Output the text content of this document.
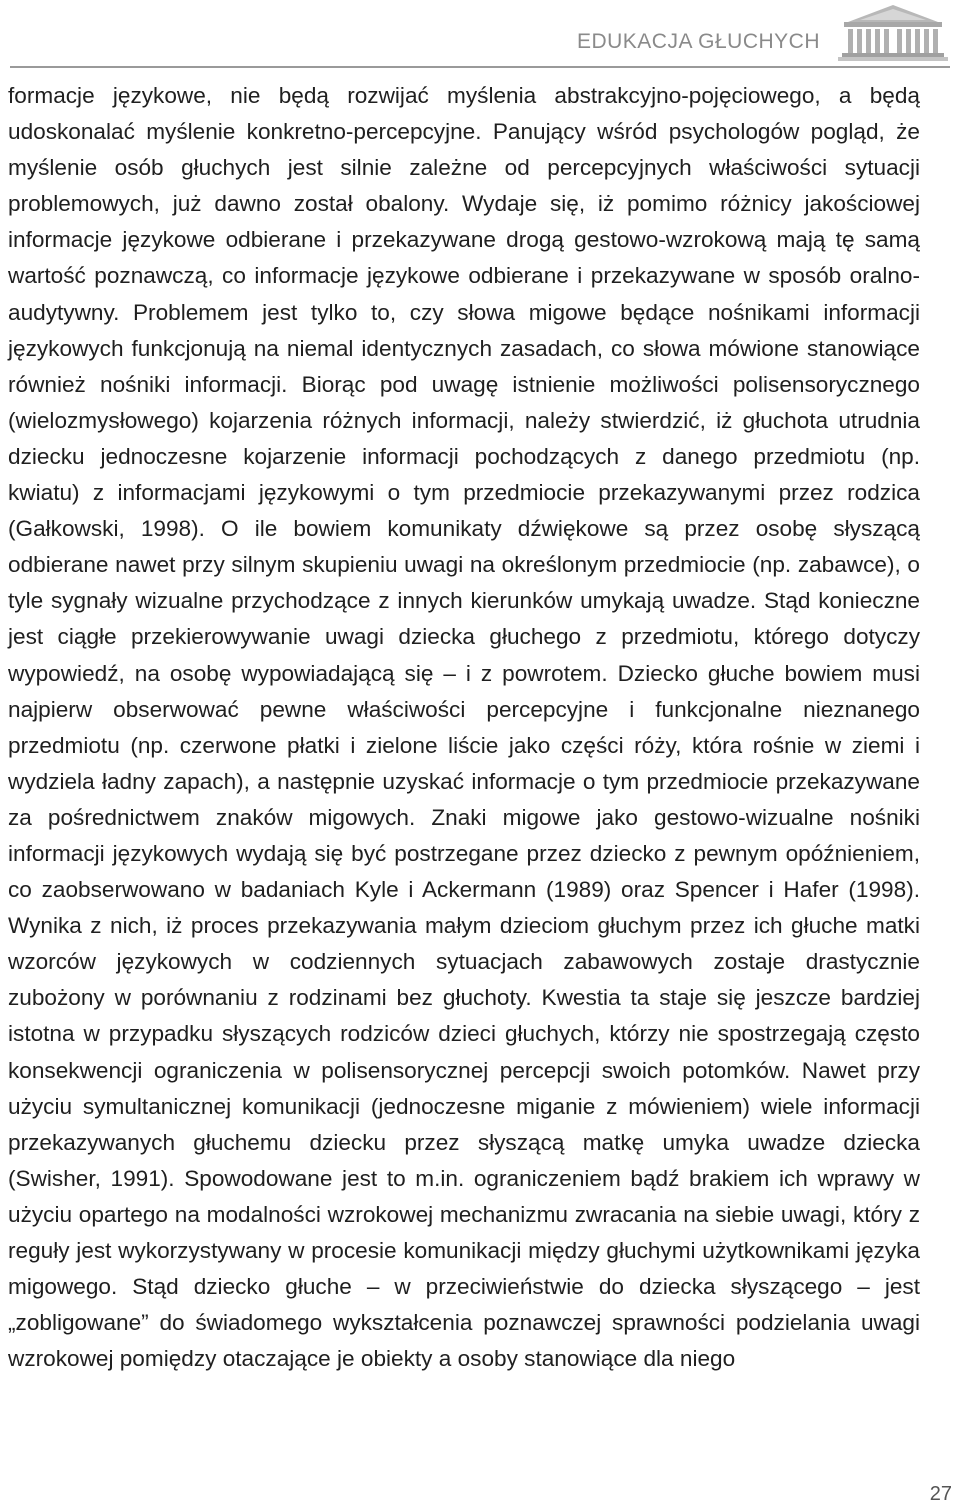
EDUKACJA GŁUCHYCH

formacje językowe, nie będą rozwijać myślenia abstrakcyjno-pojęciowego, a będą udoskonalać myślenie konkretno-percepcyjne. Panujący wśród psychologów pogląd, że myślenie osób głuchych jest silnie zależne od percepcyjnych właściwości sytuacji problemowych, już dawno został obalony. Wydaje się, iż pomimo różnicy jakościowej informacje językowe odbierane i przekazywane drogą gestowo-wzrokową mają tę samą wartość poznawczą, co informacje językowe odbierane i przekazywane w sposób oralno-audytywny. Problemem jest tylko to, czy słowa migowe będące nośnikami informacji językowych funkcjonują na niemal identycznych zasadach, co słowa mówione stanowiące również nośniki informacji. Biorąc pod uwagę istnienie możliwości polisensorycznego (wielozmysłowego) kojarzenia różnych informacji, należy stwierdzić, iż głuchota utrudnia dziecku jednoczesne kojarzenie informacji pochodzących z danego przedmiotu (np. kwiatu) z informacjami językowymi o tym przedmiocie przekazywanymi przez rodzica (Gałkowski, 1998). O ile bowiem komunikaty dźwiękowe są przez osobę słyszącą odbierane nawet przy silnym skupieniu uwagi na określonym przedmiocie (np. zabawce), o tyle sygnały wizualne przychodzące z innych kierunków umykają uwadze. Stąd konieczne jest ciągłe przekierowywanie uwagi dziecka głuchego z przedmiotu, którego dotyczy wypowiedź, na osobę wypowiadającą się – i z powrotem. Dziecko głuche bowiem musi najpierw obserwować pewne właściwości percepcyjne i funkcjonalne nieznanego przedmiotu (np. czerwone płatki i zielone liście jako części róży, która rośnie w ziemi i wydziela ładny zapach), a następnie uzyskać informacje o tym przedmiocie przekazywane za pośrednictwem znaków migowych. Znaki migowe jako gestowo-wizualne nośniki informacji językowych wydają się być postrzegane przez dziecko z pewnym opóźnieniem, co zaobserwowano w badaniach Kyle i Ackermann (1989) oraz Spencer i Hafer (1998). Wynika z nich, iż proces przekazywania małym dzieciom głuchym przez ich głuche matki wzorców językowych w codziennych sytuacjach zabawowych zostaje drastycznie zubożony w porównaniu z rodzinami bez głuchoty. Kwestia ta staje się jeszcze bardziej istotna w przypadku słyszących rodziców dzieci głuchych, którzy nie spostrzegają często konsekwencji ograniczenia w polisensorycznej percepcji swoich potomków. Nawet przy użyciu symultanicznej komunikacji (jednoczesne miganie z mówieniem) wiele informacji przekazywanych głuchemu dziecku przez słyszącą matkę umyka uwadze dziecka (Swisher, 1991). Spowodowane jest to m.in. ograniczeniem bądź brakiem ich wprawy w użyciu opartego na modalności wzrokowej mechanizmu zwracania na siebie uwagi, który z reguły jest wykorzystywany w procesie komunikacji między głuchymi użytkownikami języka migowego. Stąd dziecko głuche – w przeciwieństwie do dziecka słyszącego – jest „zobligowane” do świadomego wykształcenia poznawczej sprawności podzielania uwagi wzrokowej pomiędzy otaczające je obiekty a osoby stanowiące dla niego

27
